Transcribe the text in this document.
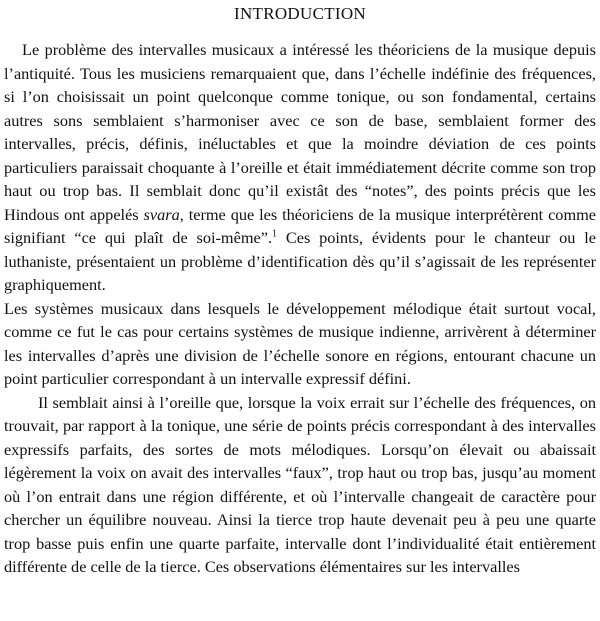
INTRODUCTION

Le problème des intervalles musicaux a intéressé les théoriciens de la musique depuis l’antiquité. Tous les musiciens remarquaient que, dans l’échelle indéfinie des fréquences, si l’on choisissait un point quelconque comme tonique, ou son fondamental, certains autres sons semblaient s’harmoniser avec ce son de base, semblaient former des intervalles, précis, définis, inéluctables et que la moindre déviation de ces points particuliers paraissait choquante à l’oreille et était immédiatement décrite comme son trop haut ou trop bas. Il semblait donc qu’il existât des “notes”, des points précis que les Hindous ont appelés svara, terme que les théoriciens de la musique interprétèrent comme signifiant “ce qui plaît de soi-même”.$^1$ Ces points, évidents pour le chanteur ou le luthaniste, présentaient un problème d’identification dès qu’il s’agissait de les représenter graphiquement.

Les systèmes musicaux dans lesquels le développement mélodique était surtout vocal, comme ce fut le cas pour certains systèmes de musique indienne, arrivèrent à déterminer les intervalles d’après une division de l’échelle sonore en régions, entourant chacune un point particulier correspondant à un intervalle expressif défini.

Il semblait ainsi à l’oreille que, lorsque la voix errait sur l’échelle des fréquences, on trouvait, par rapport à la tonique, une série de points précis correspondant à des intervalles expressifs parfaits, des sortes de mots mélodiques. Lorsqu’on élevait ou abaissait légèrement la voix on avait des intervalles “faux”, trop haut ou trop bas, jusqu’au moment où l’on entrait dans une région différente, et où l’intervalle changeait de caractère pour chercher un équilibre nouveau. Ainsi la tierce trop haute devenait peu à peu une quarte trop basse puis enfin une quarte parfaite, intervalle dont l’individualité était entièrement différente de celle de la tierce. Ces observations élémentaires sur les intervalles
